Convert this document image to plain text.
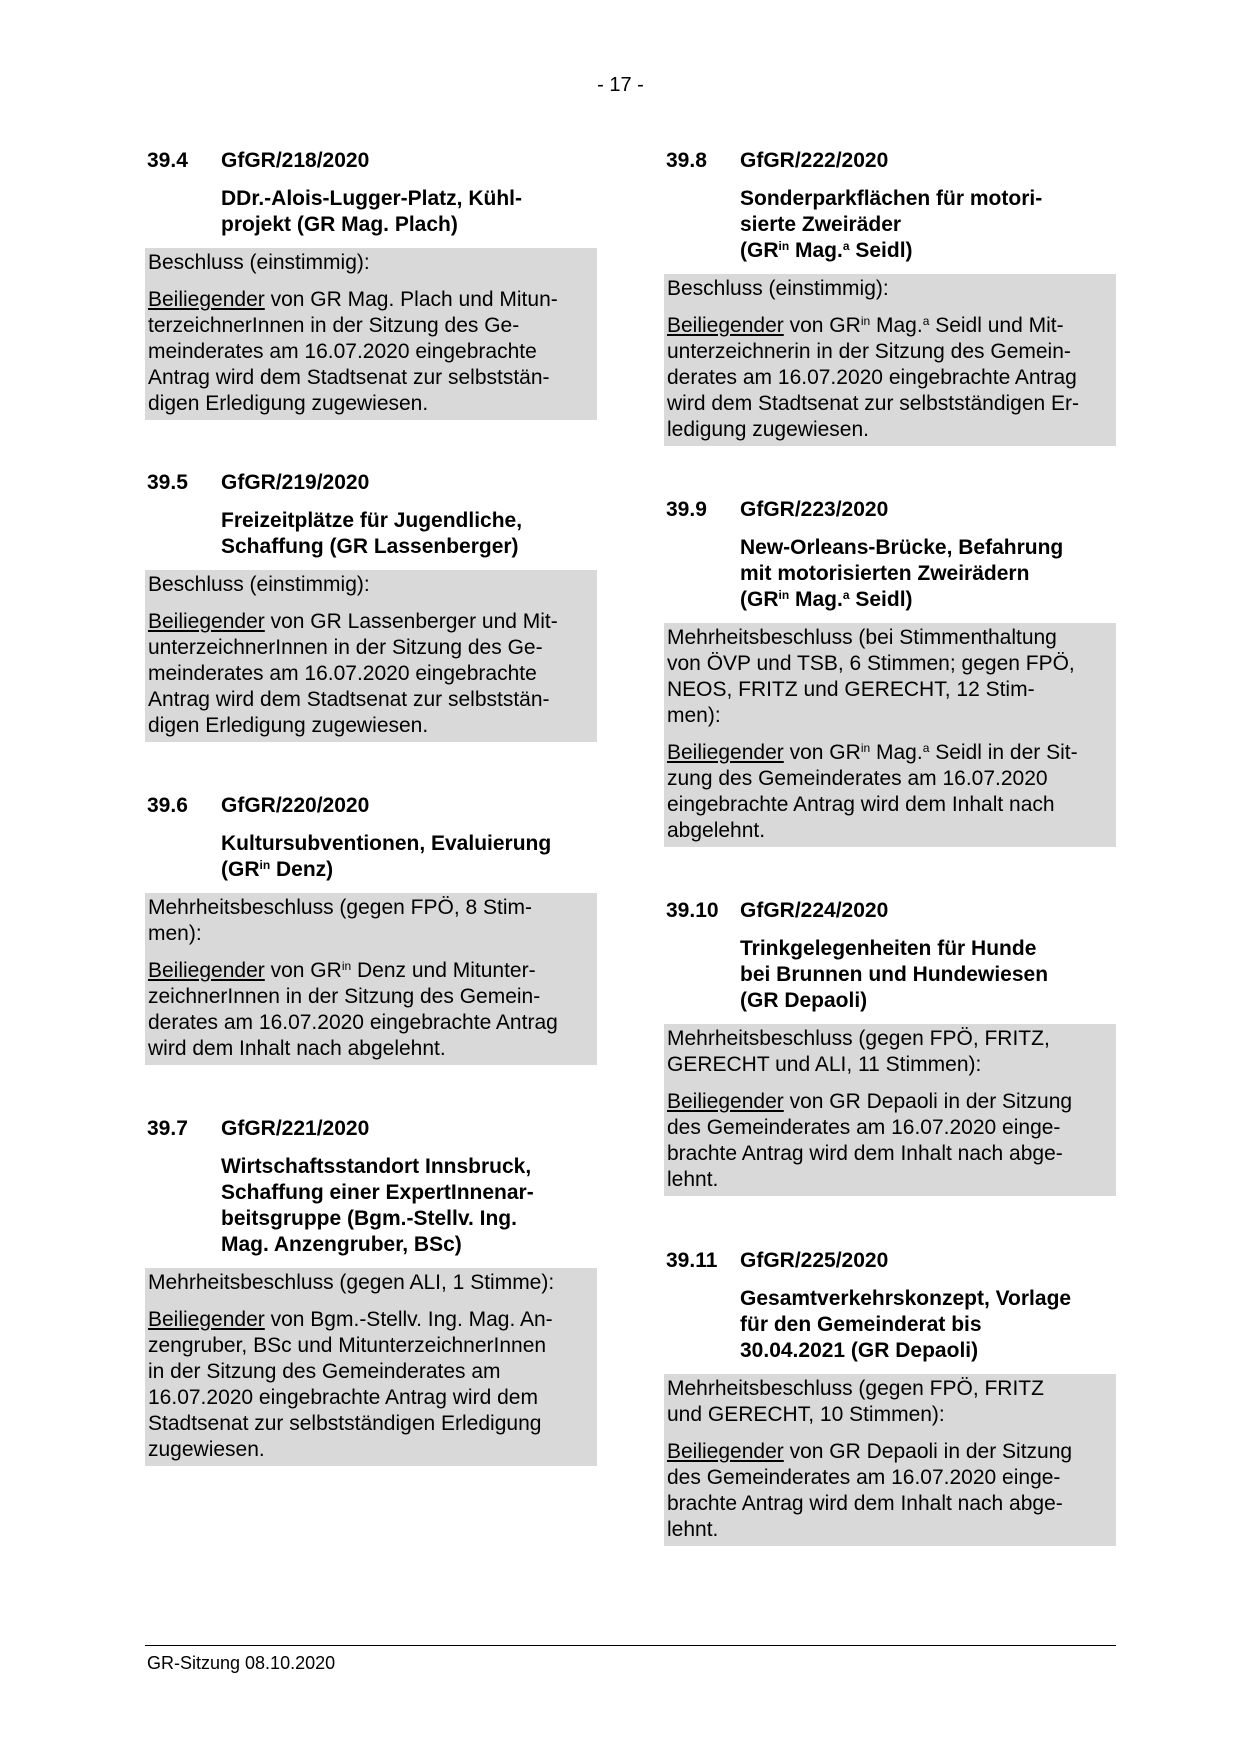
- 17 -
39.4	GfGR/218/2020
DDr.-Alois-Lugger-Platz, Kühl-
projekt (GR Mag. Plach)
Beschluss (einstimmig):
Beiliegender von GR Mag. Plach und Mitun-
terzeichnerInnen in der Sitzung des Ge-
meinderates am 16.07.2020 eingebrachte
Antrag wird dem Stadtsenat zur selbststän-
digen Erledigung zugewiesen.
39.5	GfGR/219/2020
Freizeitplätze für Jugendliche,
Schaffung (GR Lassenberger)
Beschluss (einstimmig):
Beiliegender von GR Lassenberger und Mit-
unterzeichnerInnen in der Sitzung des Ge-
meinderates am 16.07.2020 eingebrachte
Antrag wird dem Stadtsenat zur selbststän-
digen Erledigung zugewiesen.
39.6	GfGR/220/2020
Kultursubventionen, Evaluierung
($GR^{in}$ Denz)
Mehrheitsbeschluss (gegen FPÖ, 8 Stim-
men):
Beiliegender von $GR^{in}$ Denz und Mitunter-
zeichnerInnen in der Sitzung des Gemein-
derates am 16.07.2020 eingebrachte Antrag
wird dem Inhalt nach abgelehnt.
39.7	GfGR/221/2020
Wirtschaftsstandort Innsbruck,
Schaffung einer ExpertInnenar-
beitsgruppe (Bgm.-Stellv. Ing.
Mag. Anzengruber, BSc)
Mehrheitsbeschluss (gegen ALI, 1 Stimme):
Beiliegender von Bgm.-Stellv. Ing. Mag. An-
zengruber, BSc und MitunterzeichnerInnen
in der Sitzung des Gemeinderates am
16.07.2020 eingebrachte Antrag wird dem
Stadtsenat zur selbstständigen Erledigung
zugewiesen.
39.8	GfGR/222/2020
Sonderparkflächen für motori-
sierte Zweiräder
($GR^{in}$ Mag.$^a$ Seidl)
Beschluss (einstimmig):
Beiliegender von $GR^{in}$ Mag.$^a$ Seidl und Mit-
unterzeichnerin in der Sitzung des Gemein-
derates am 16.07.2020 eingebrachte Antrag
wird dem Stadtsenat zur selbstständigen Er-
ledigung zugewiesen.
39.9	GfGR/223/2020
New-Orleans-Brücke, Befahrung
mit motorisierten Zweirädern
($GR^{in}$ Mag.$^a$ Seidl)
Mehrheitsbeschluss (bei Stimmenthaltung
von ÖVP und TSB, 6 Stimmen; gegen FPÖ,
NEOS, FRITZ und GERECHT, 12 Stim-
men):
Beiliegender von $GR^{in}$ Mag.$^a$ Seidl in der Sit-
zung des Gemeinderates am 16.07.2020
eingebrachte Antrag wird dem Inhalt nach
abgelehnt.
39.10	GfGR/224/2020
Trinkgelegenheiten für Hunde
bei Brunnen und Hundewiesen
(GR Depaoli)
Mehrheitsbeschluss (gegen FPÖ, FRITZ,
GERECHT und ALI, 11 Stimmen):
Beiliegender von GR Depaoli in der Sitzung
des Gemeinderates am 16.07.2020 einge-
brachte Antrag wird dem Inhalt nach abge-
lehnt.
39.11	GfGR/225/2020
Gesamtverkehrskonzept, Vorlage
für den Gemeinderat bis
30.04.2021 (GR Depaoli)
Mehrheitsbeschluss (gegen FPÖ, FRITZ
und GERECHT, 10 Stimmen):
Beiliegender von GR Depaoli in der Sitzung
des Gemeinderates am 16.07.2020 einge-
brachte Antrag wird dem Inhalt nach abge-
lehnt.
GR-Sitzung 08.10.2020
